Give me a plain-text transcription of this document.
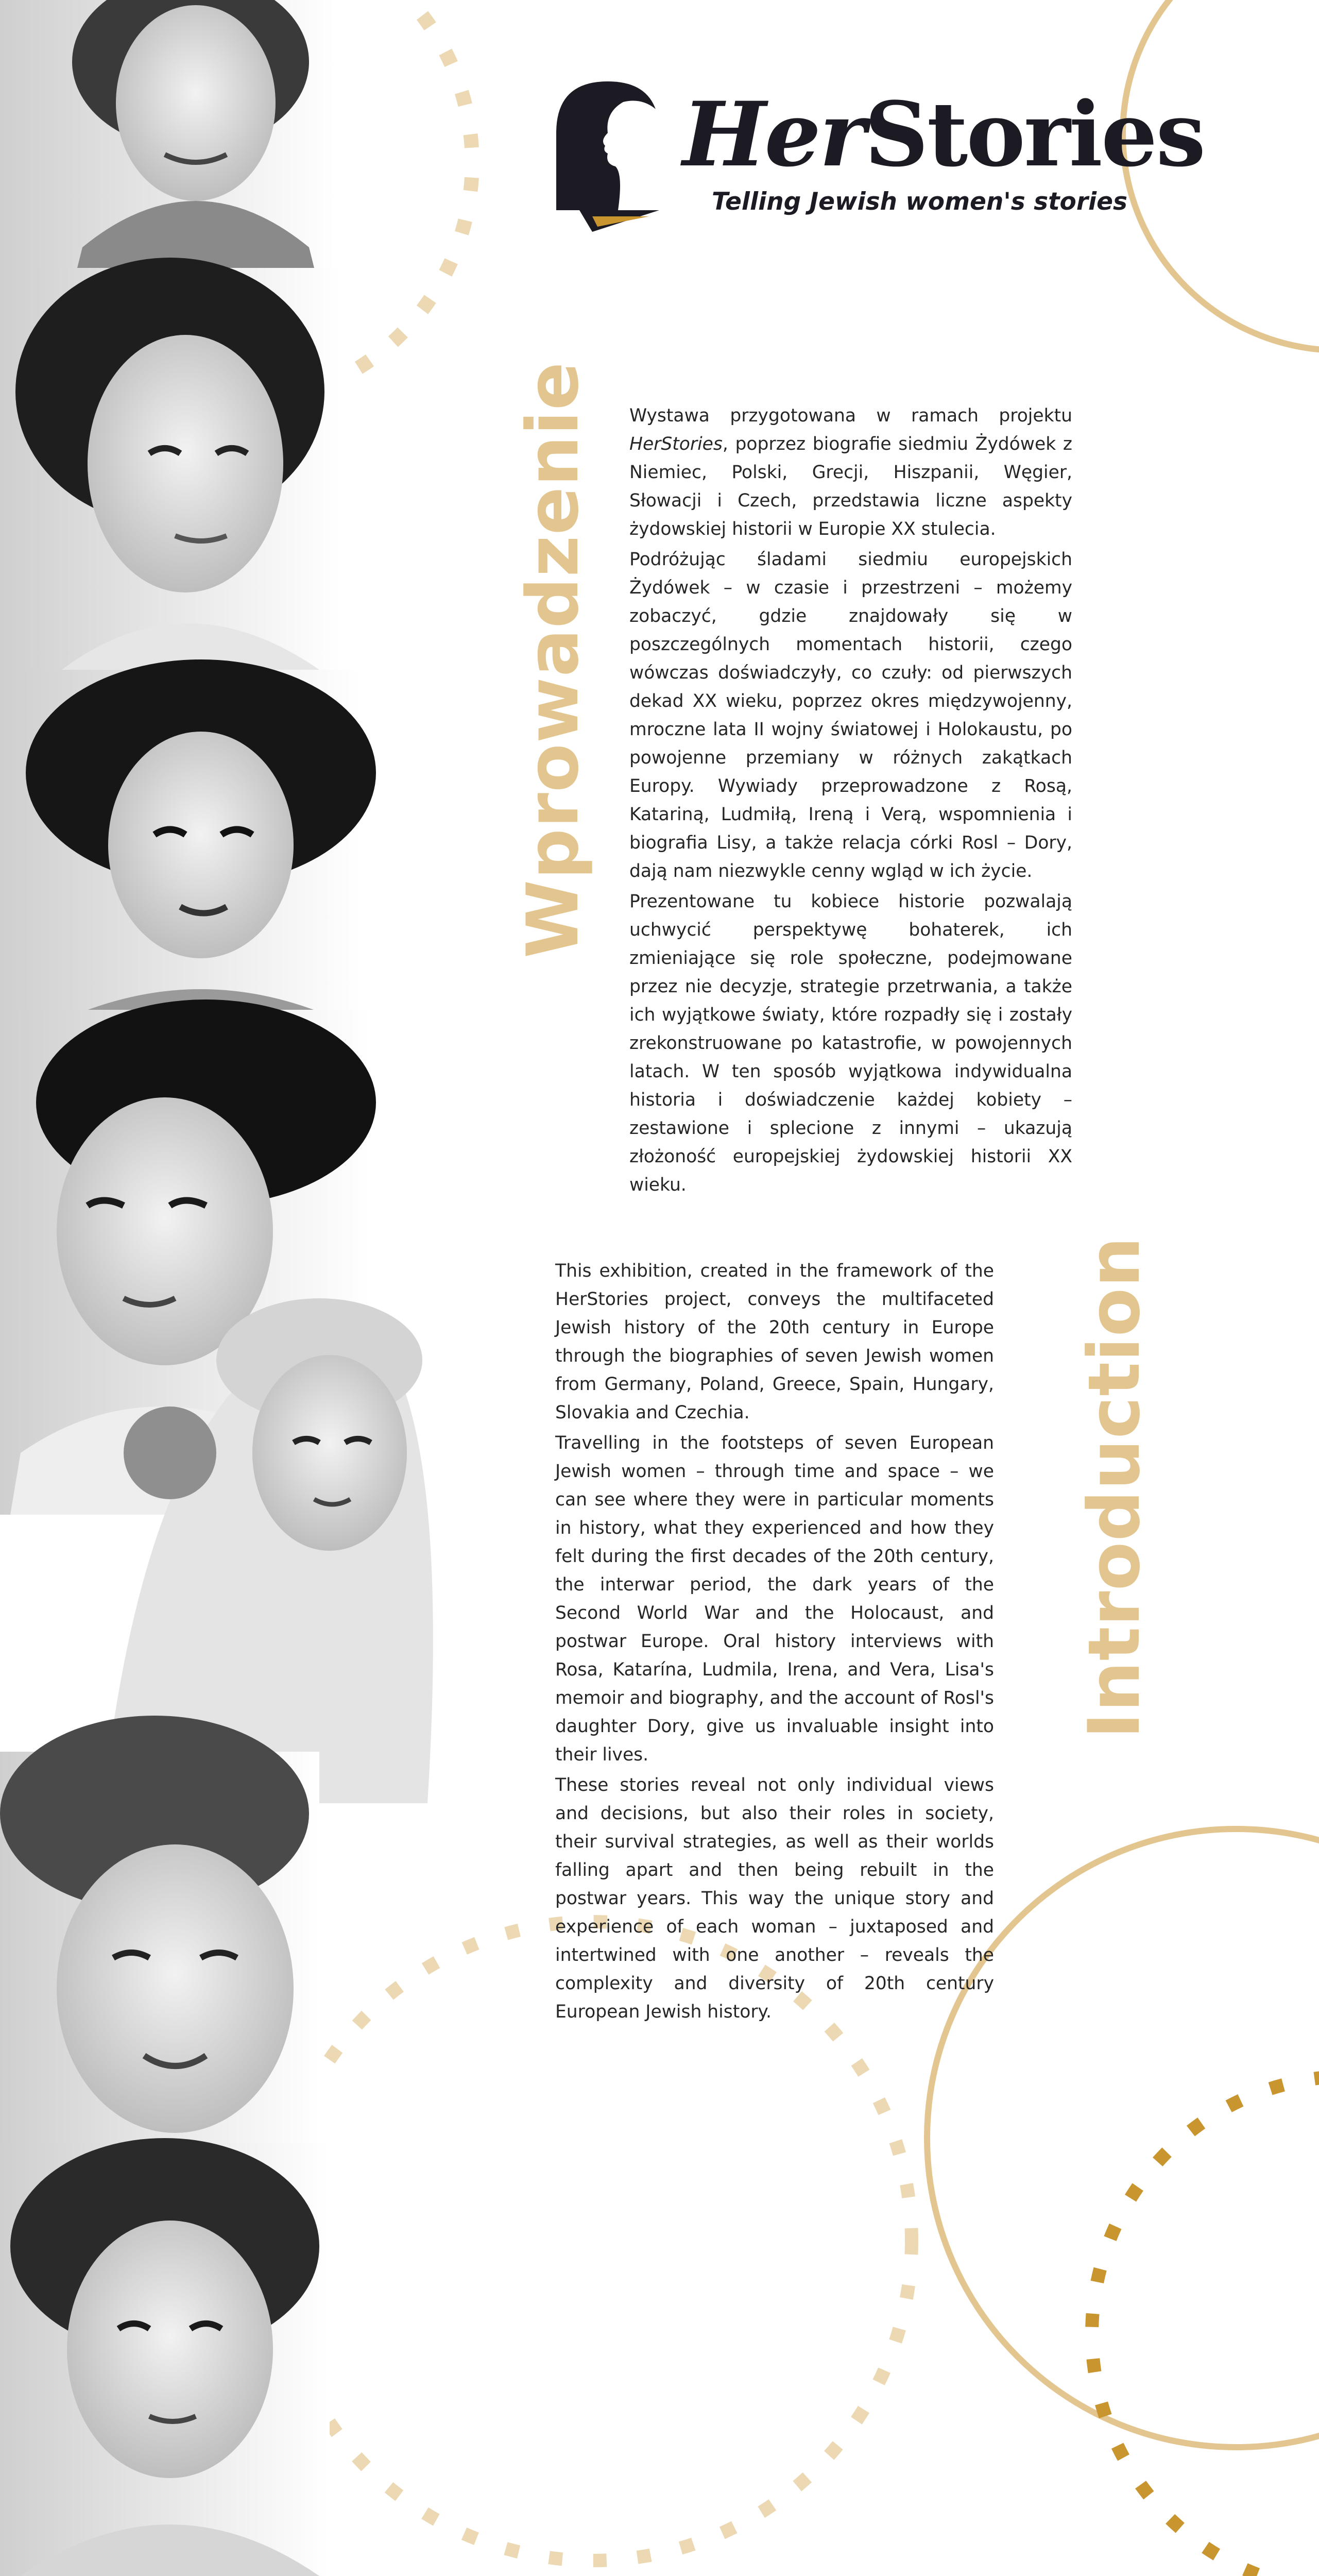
HerStories
Telling Jewish women's stories
Wprowadzenie Wystawa przygotowana w ramach projektu HerStories, poprzez biografie siedmiu Żydówek z Niemiec, Polski, Grecji, Hiszpanii, Węgier, Słowacji i Czech, przedstawia liczne aspekty żydowskiej historii w Europie XX stulecia.

Podróżując śladami siedmiu europejskich Żydówek – w czasie i przestrzeni – możemy zobaczyć, gdzie znajdowały się w poszczególnych momentach historii, czego wówczas doświadczyły, co czuły: od pierwszych dekad XX wieku, poprzez okres międzywojenny, mroczne lata II wojny światowej i Holokaustu, po powojenne przemiany w różnych zakątkach Europy. Wywiady przeprowadzone z Rosą, Katariną, Ludmiłą, Ireną i Verą, wspomnienia i biografia Lisy, a także relacja córki Rosl – Dory, dają nam niezwykle cenny wgląd w ich życie.

Prezentowane tu kobiece historie pozwalają uchwycić perspektywę bohaterek, ich zmieniające się role społeczne, podejmowane przez nie decyzje, strategie przetrwania, a także ich wyjątkowe światy, które rozpadły się i zostały zrekonstruowane po katastrofie, w powojennych latach. W ten sposób wyjątkowa indywidualna historia i doświadczenie każdej kobiety – zestawione i splecione z innymi – ukazują złożoność europejskiej żydowskiej historii XX wieku.

Introduction

This exhibition, created in the framework of the HerStories project, conveys the multifaceted Jewish history of the 20th century in Europe through the biographies of seven Jewish women from Germany, Poland, Greece, Spain, Hungary, Slovakia and Czechia.

Travelling in the footsteps of seven European Jewish women – through time and space – we can see where they were in particular moments in history, what they experienced and how they felt during the first decades of the 20th century, the interwar period, the dark years of the Second World War and the Holocaust, and postwar Europe. Oral history interviews with Rosa, Katarína, Ludmila, Irena, and Vera, Lisa's memoir and biography, and the account of Rosl's daughter Dory, give us invaluable insight into their lives.

These stories reveal not only individual views and decisions, but also their roles in society, their survival strategies, as well as their worlds falling apart and then being rebuilt in the postwar years. This way the unique story and experience of each woman – juxtaposed and intertwined with one another – reveals the complexity and diversity of 20th century European Jewish history.
